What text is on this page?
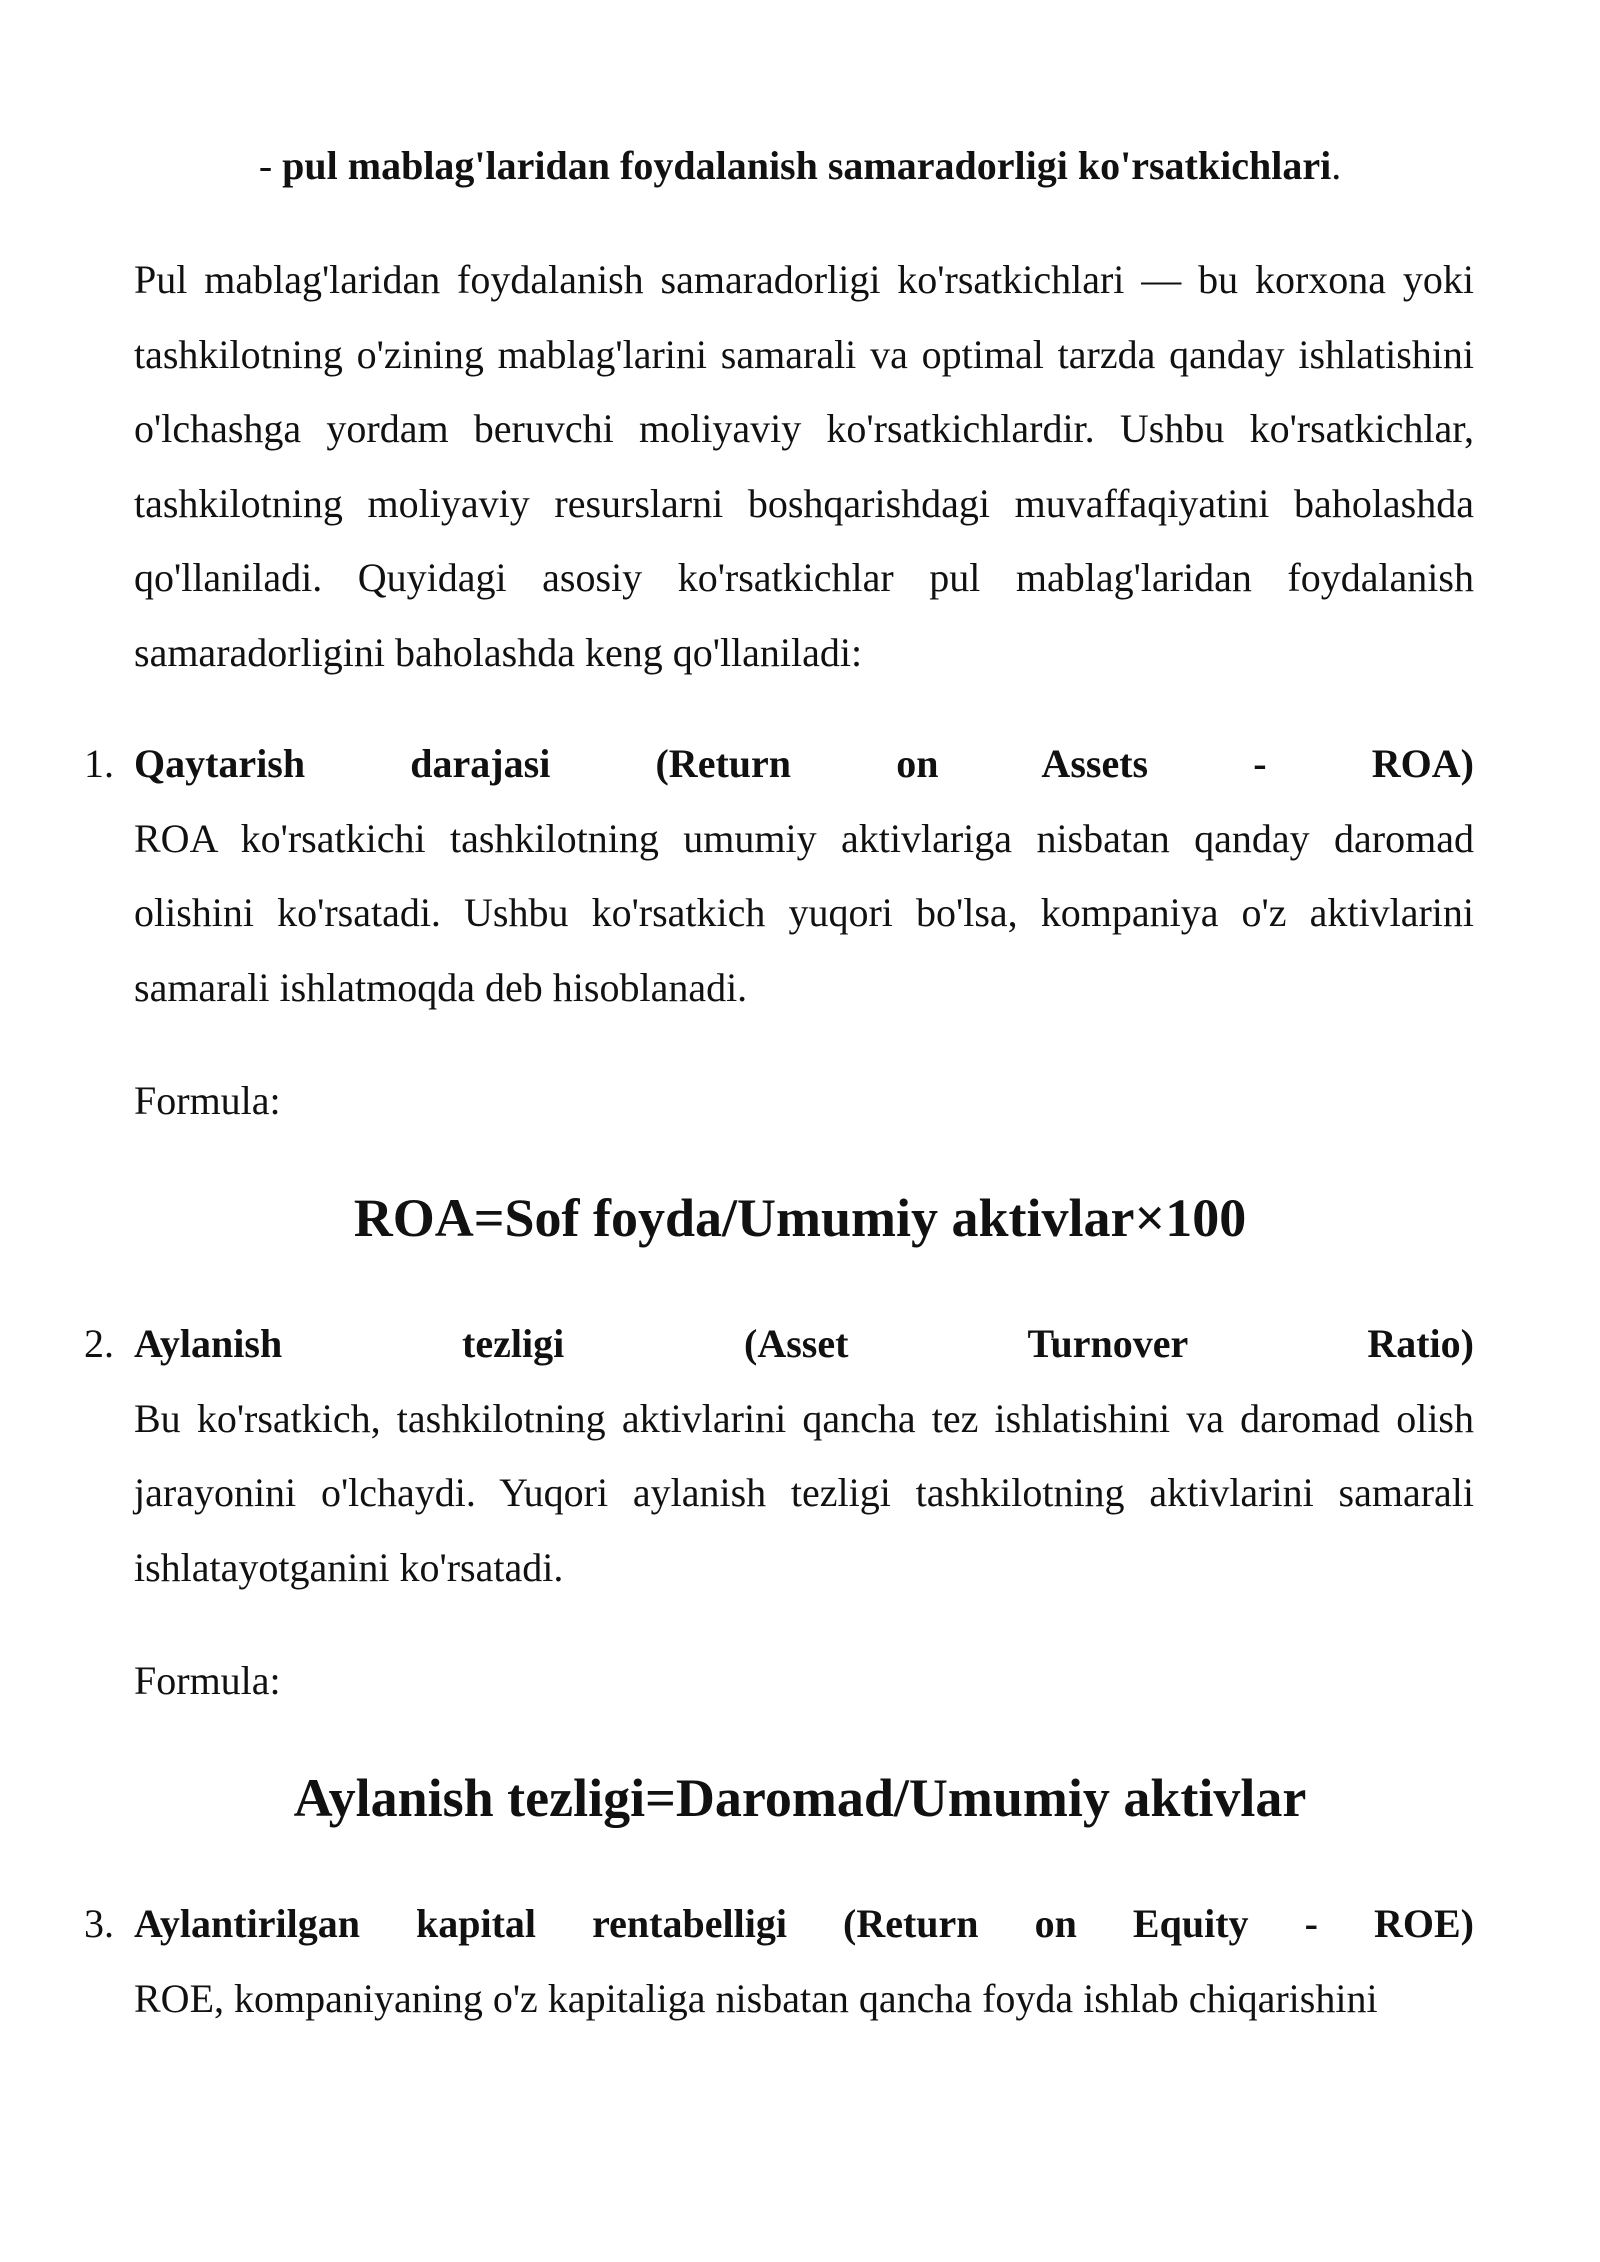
- pul mablag'laridan foydalanish samaradorligi ko'rsatkichlari.
Pul mablag'laridan foydalanish samaradorligi ko'rsatkichlari — bu korxona yoki tashkilotning o'zining mablag'larini samarali va optimal tarzda qanday ishlatishini o'lchashga yordam beruvchi moliyaviy ko'rsatkichlardir. Ushbu ko'rsatkichlar, tashkilotning moliyaviy resurslarni boshqarishdagi muvaffaqiyatini baholashda qo'llaniladi. Quyidagi asosiy ko'rsatkichlar pul mablag'laridan foydalanish samaradorligini baholashda keng qo'llaniladi:
1. Qaytarish darajasi (Return on Assets - ROA)
ROA ko'rsatkichi tashkilotning umumiy aktivlariga nisbatan qanday daromad olishini ko'rsatadi. Ushbu ko'rsatkich yuqori bo'lsa, kompaniya o'z aktivlarini samarali ishlatmoqda deb hisoblanadi.
Formula:
ROA=Sof foyda/Umumiy aktivlar×100
2. Aylanish tezligi (Asset Turnover Ratio)
Bu ko'rsatkich, tashkilotning aktivlarini qancha tez ishlatishini va daromad olish jarayonini o'lchaydi. Yuqori aylanish tezligi tashkilotning aktivlarini samarali ishlatayotganini ko'rsatadi.
Formula:
Aylanish tezligi=Daromad/Umumiy aktivlar
3. Aylantirilgan kapital rentabelligi (Return on Equity - ROE)
ROE, kompaniyaning o'z kapitaliga nisbatan qancha foyda ishlab chiqarishini
